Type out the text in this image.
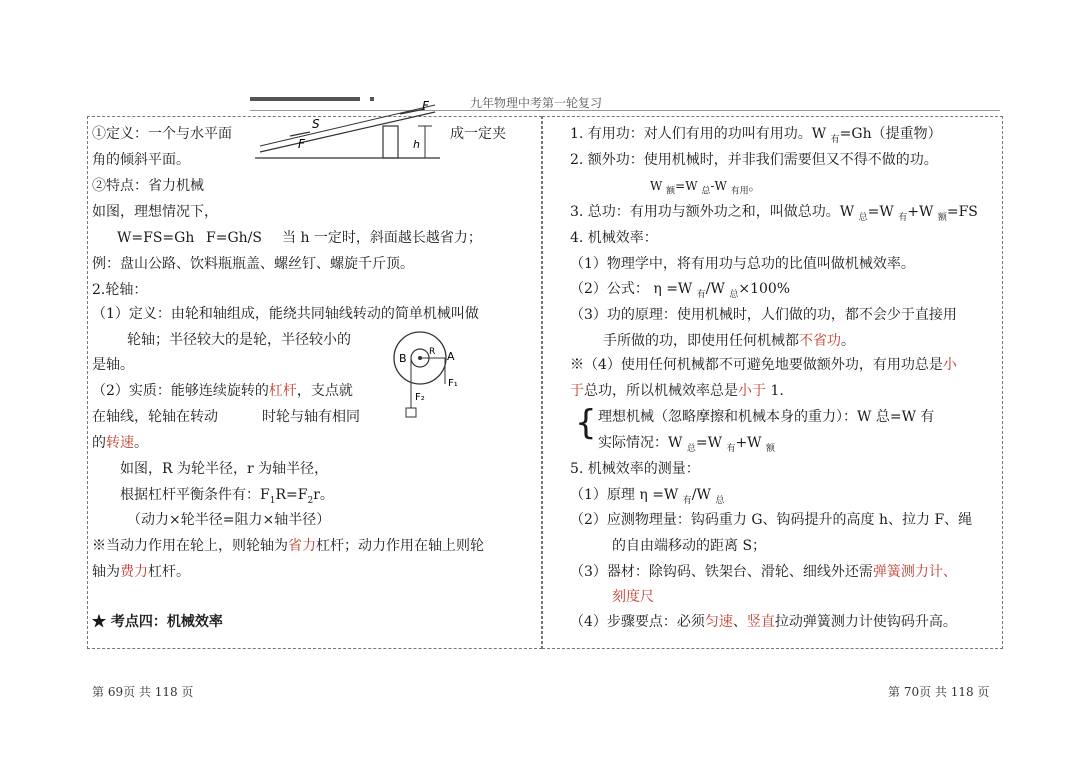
九年物理中考第一轮复习
S
F
F
h
B R A
F₁
F₂
①定义：一个与水平面	成一定夹
角的倾斜平面。
②特点：省力机械
如图，理想情况下，
W=FS=Gh F=Gh/S 当 h 一定时，斜面越长越省力；
例：盘山公路、饮料瓶瓶盖、螺丝钉、螺旋千斤顶。
2.轮轴：
（1）定义：由轮和轴组成，能绕共同轴线转动的简单机械叫做
轮轴；半径较大的是轮，半径较小的
是轴。
（2）实质：能够连续旋转的杠杆，支点就
在轴线，轮轴在转动	时轮与轴有相同
的转速。
如图，R 为轮半径，r 为轴半径，
根据杠杆平衡条件有：$F_1R=F_2r$。
（动力×轮半径=阻力×轴半径）
※当动力作用在轮上，则轮轴为省力杠杆；动力作用在轴上则轮
轴为费力杠杆。
★ 考点四：机械效率
1. 有用功：对人们有用的功叫有用功。W $_有$=Gh（提重物）
2. 额外功：使用机械时，并非我们需要但又不得不做的功。
W $_额$=W $_总$-W $_{有用}$。
3. 总功：有用功与额外功之和，叫做总功。W $_总$=W $_有$+W $_额$=FS
4. 机械效率：
（1）物理学中，将有用功与总功的比值叫做机械效率。
（2）公式： η =W $_有$/W $_总$×100%
（3）功的原理：使用机械时，人们做的功，都不会少于直接用
手所做的功，即使用任何机械都不省功。
※（4）使用任何机械都不可避免地要做额外功，有用功总是小
于总功，所以机械效率总是小于 1.
{ 理想机械（忽略摩擦和机械本身的重力）：W 总=W 有
实际情况：W $_总$=W $_有$+W $_额$
5. 机械效率的测量：
（1）原理 η =W $_有$/W $_总$
（2）应测物理量：钩码重力 G、钩码提升的高度 h、拉力 F、绳
的自由端移动的距离 S；
（3）器材：除钩码、铁架台、滑轮、细线外还需弹簧测力计、
刻度尺
（4）步骤要点：必须匀速、竖直拉动弹簧测力计使钩码升高。
第 69页 共 118 页	第 70页 共 118 页
